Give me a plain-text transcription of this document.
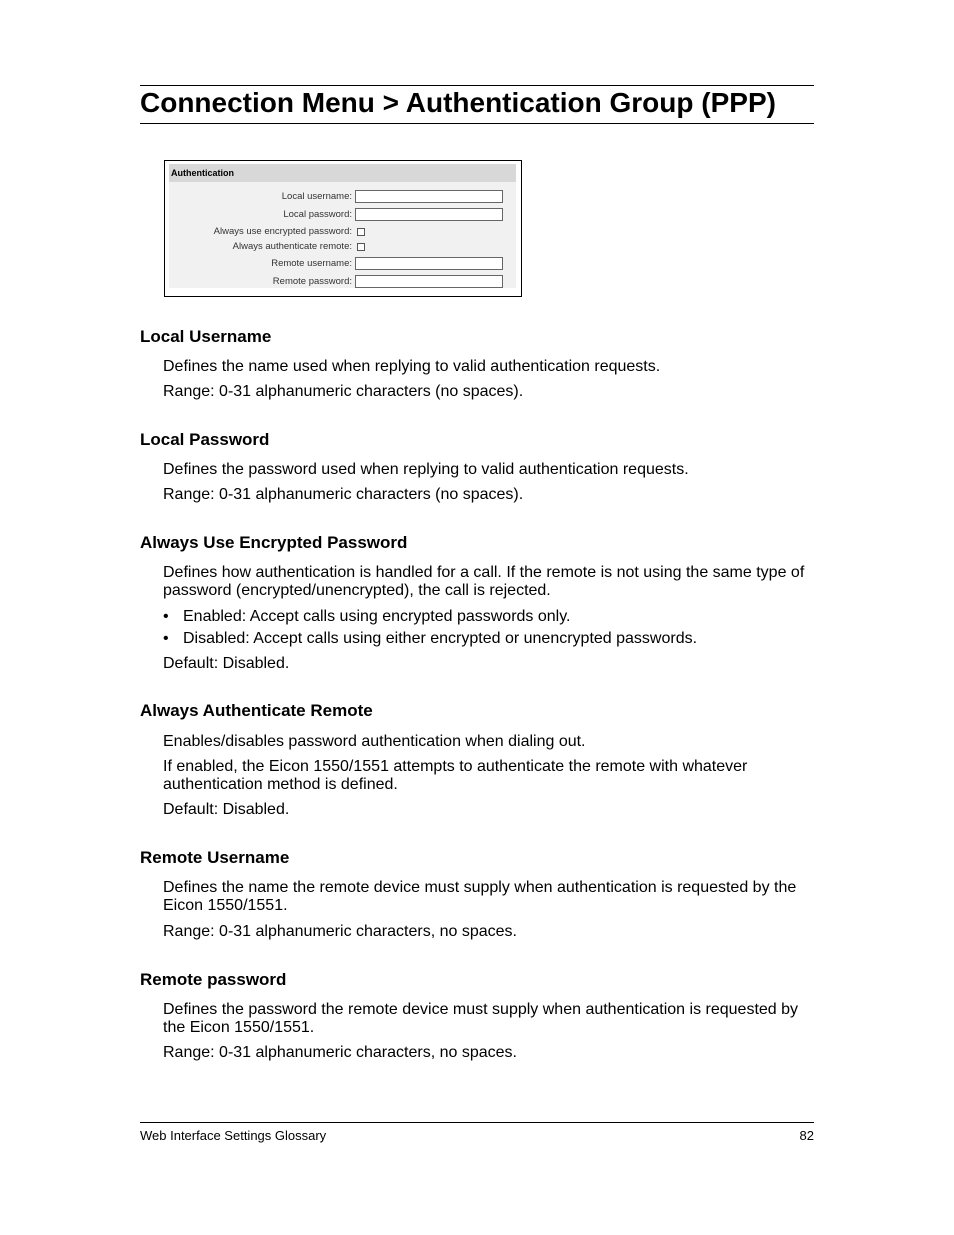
Connection Menu > Authentication Group (PPP)
Authentication
Local username:
Local password:
Always use encrypted password:
Always authenticate remote:
Remote username:
Remote password:
Local Username

Defines the name used when replying to valid authentication requests.

Range: 0-31 alphanumeric characters (no spaces).

Local Password

Defines the password used when replying to valid authentication requests.

Range: 0-31 alphanumeric characters (no spaces).

Always Use Encrypted Password

Defines how authentication is handled for a call. If the remote is not using the same type of password (encrypted/unencrypted), the call is rejected.

• Enabled: Accept calls using encrypted passwords only.
• Disabled: Accept calls using either encrypted or unencrypted passwords.

Default: Disabled.

Always Authenticate Remote

Enables/disables password authentication when dialing out.

If enabled, the Eicon 1550/1551 attempts to authenticate the remote with whatever authentication method is defined.

Default: Disabled.

Remote Username

Defines the name the remote device must supply when authentication is requested by the Eicon 1550/1551.

Range: 0-31 alphanumeric characters, no spaces.

Remote password

Defines the password the remote device must supply when authentication is requested by the Eicon 1550/1551.

Range: 0-31 alphanumeric characters, no spaces.

Web Interface Settings Glossary	82
